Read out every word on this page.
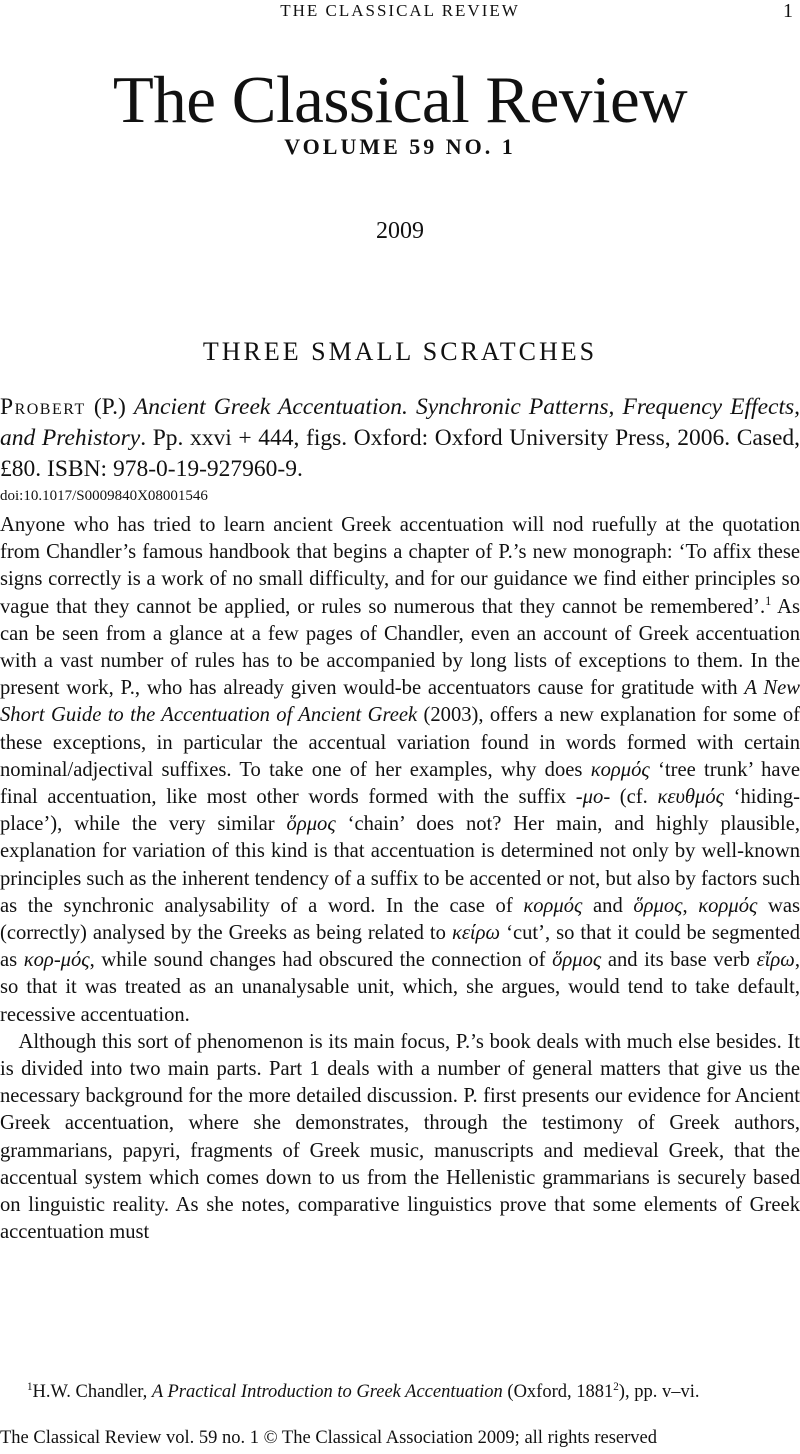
THE CLASSICAL REVIEW	1
The Classical Review
VOLUME 59 NO. 1
2009
THREE SMALL SCRATCHES

Probert (P.) Ancient Greek Accentuation. Synchronic Patterns, Frequency Effects, and Prehistory. Pp. xxvi + 444, figs. Oxford: Oxford University Press, 2006. Cased, £80. ISBN: 978-0-19-927960-9.

doi:10.1017/S0009840X08001546

Anyone who has tried to learn ancient Greek accentuation will nod ruefully at the quotation from Chandler’s famous handbook that begins a chapter of P.’s new monograph: ‘To affix these signs correctly is a work of no small difficulty, and for our guidance we find either principles so vague that they cannot be applied, or rules so numerous that they cannot be remembered’.$^1$ As can be seen from a glance at a few pages of Chandler, even an account of Greek accentuation with a vast number of rules has to be accompanied by long lists of exceptions to them. In the present work, P., who has already given would-be accentuators cause for gratitude with A New Short Guide to the Accentuation of Ancient Greek (2003), offers a new explanation for some of these exceptions, in particular the accentual variation found in words formed with certain nominal/adjectival suffixes. To take one of her examples, why does κορμός ‘tree trunk’ have final accentuation, like most other words formed with the suffix -μο- (cf. κευθμός ‘hiding-place’), while the very similar ὅρμος ‘chain’ does not? Her main, and highly plausible, explanation for variation of this kind is that accentuation is determined not only by well-known principles such as the inherent tendency of a suffix to be accented or not, but also by factors such as the synchronic analysability of a word. In the case of κορμός and ὅρμος, κορμός was (correctly) analysed by the Greeks as being related to κείρω ‘cut’, so that it could be segmented as κορ-μός, while sound changes had obscured the connection of ὅρμος and its base verb εἴρω, so that it was treated as an unanalysable unit, which, she argues, would tend to take default, recessive accentuation.

Although this sort of phenomenon is its main focus, P.’s book deals with much else besides. It is divided into two main parts. Part 1 deals with a number of general matters that give us the necessary background for the more detailed discussion. P. first presents our evidence for Ancient Greek accentuation, where she demonstrates, through the testimony of Greek authors, grammarians, papyri, fragments of Greek music, manuscripts and medieval Greek, that the accentual system which comes down to us from the Hellenistic grammarians is securely based on linguistic reality. As she notes, comparative linguistics prove that some elements of Greek accentuation must

$^1$H.W. Chandler, A Practical Introduction to Greek Accentuation (Oxford, 1881$^2$), pp. v–vi.
The Classical Review vol. 59 no. 1 © The Classical Association 2009; all rights reserved
